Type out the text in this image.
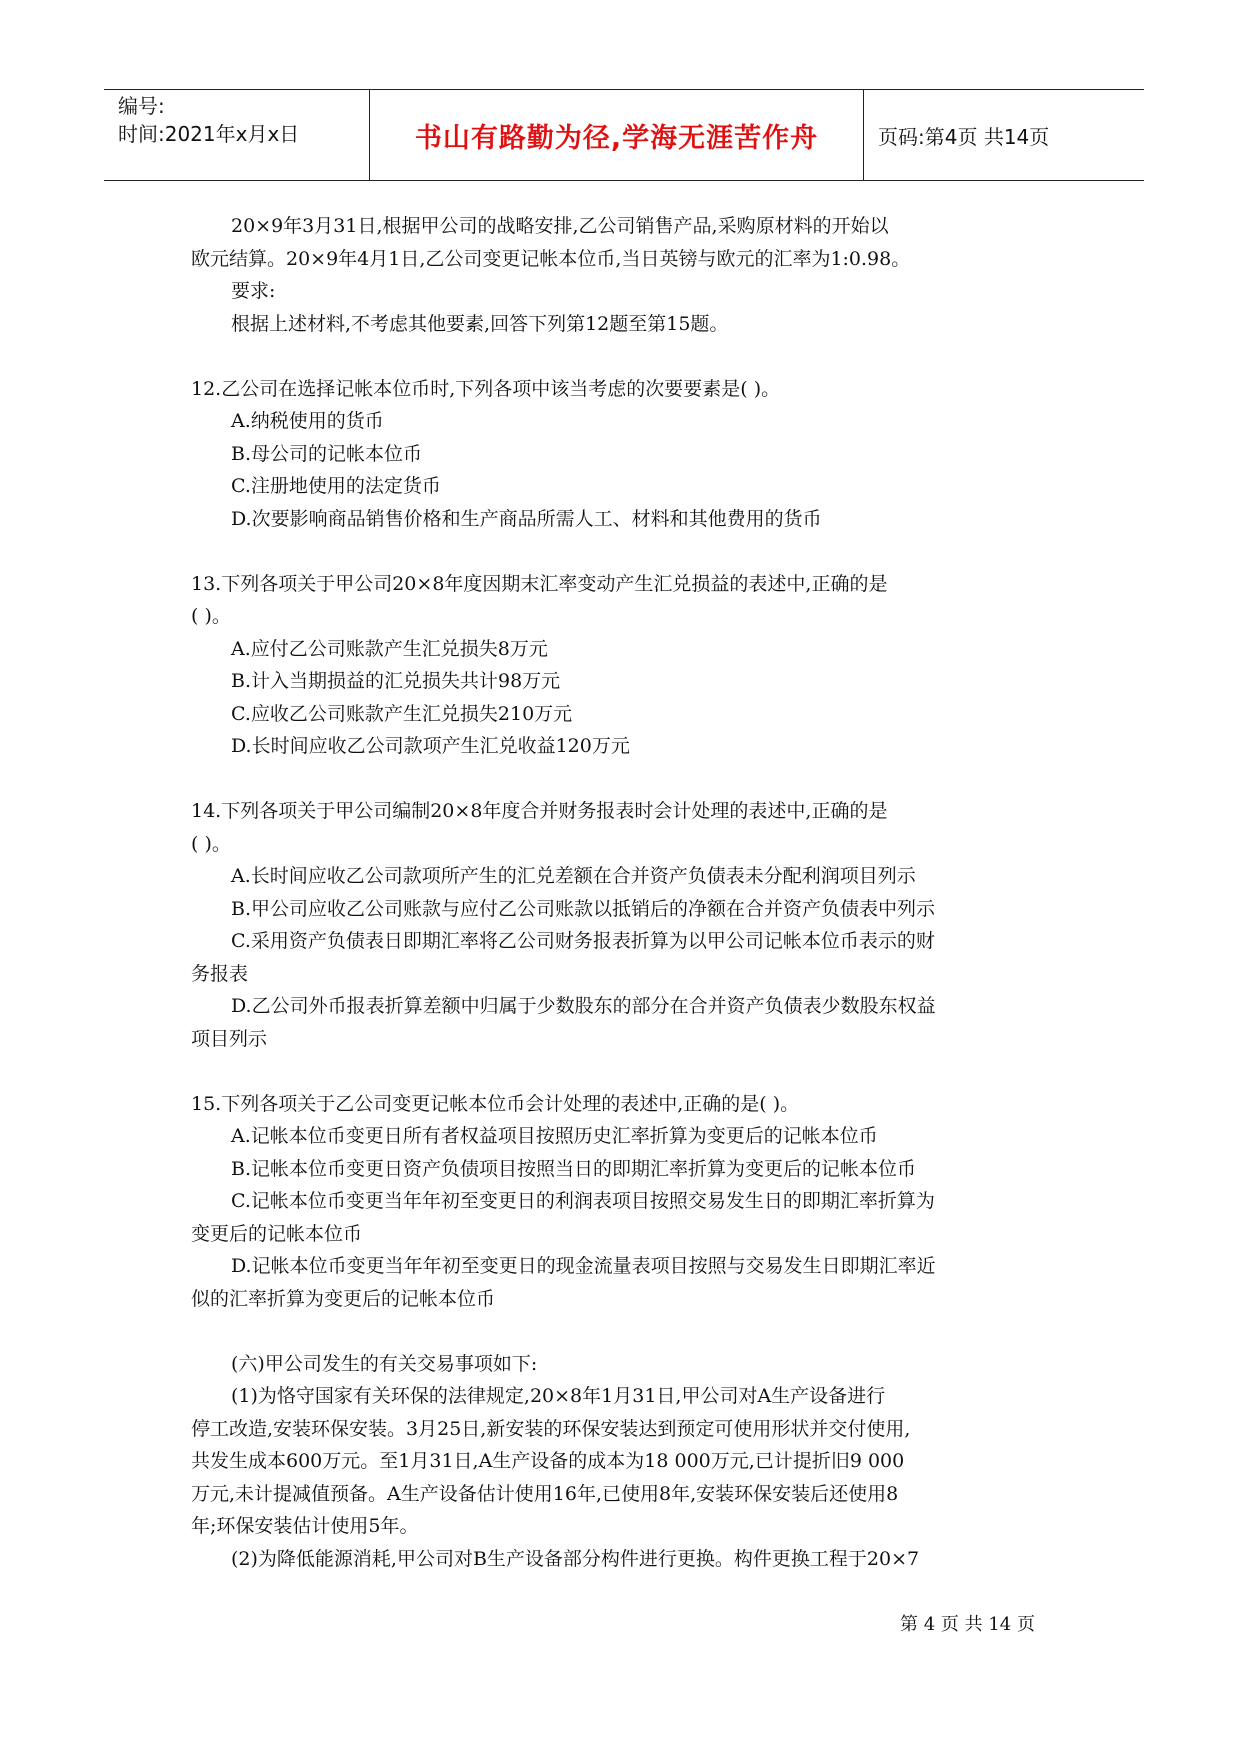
编号:
时间:2021年x月x日	书山有路勤为径,学海无涯苦作舟	页码:第4页 共14页
20×9年3月31日,根据甲公司的战略安排,乙公司销售产品,采购原材料的开始以
欧元结算。20×9年4月1日,乙公司变更记帐本位币,当日英镑与欧元的汇率为1:0.98。
要求:
根据上述材料,不考虑其他要素,回答下列第12题至第15题。
12.乙公司在选择记帐本位币时,下列各项中该当考虑的次要要素是( )。
A.纳税使用的货币
B.母公司的记帐本位币
C.注册地使用的法定货币
D.次要影响商品销售价格和生产商品所需人工、材料和其他费用的货币
13.下列各项关于甲公司20×8年度因期末汇率变动产生汇兑损益的表述中,正确的是
( )。
A.应付乙公司账款产生汇兑损失8万元
B.计入当期损益的汇兑损失共计98万元
C.应收乙公司账款产生汇兑损失210万元
D.长时间应收乙公司款项产生汇兑收益120万元
14.下列各项关于甲公司编制20×8年度合并财务报表时会计处理的表述中,正确的是
( )。
A.长时间应收乙公司款项所产生的汇兑差额在合并资产负债表未分配利润项目列示
B.甲公司应收乙公司账款与应付乙公司账款以抵销后的净额在合并资产负债表中列示
C.采用资产负债表日即期汇率将乙公司财务报表折算为以甲公司记帐本位币表示的财
务报表
D.乙公司外币报表折算差额中归属于少数股东的部分在合并资产负债表少数股东权益
项目列示
15.下列各项关于乙公司变更记帐本位币会计处理的表述中,正确的是( )。
A.记帐本位币变更日所有者权益项目按照历史汇率折算为变更后的记帐本位币
B.记帐本位币变更日资产负债项目按照当日的即期汇率折算为变更后的记帐本位币
C.记帐本位币变更当年年初至变更日的利润表项目按照交易发生日的即期汇率折算为
变更后的记帐本位币
D.记帐本位币变更当年年初至变更日的现金流量表项目按照与交易发生日即期汇率近
似的汇率折算为变更后的记帐本位币
(六)甲公司发生的有关交易事项如下:
(1)为恪守国家有关环保的法律规定,20×8年1月31日,甲公司对A生产设备进行
停工改造,安装环保安装。3月25日,新安装的环保安装达到预定可使用形状并交付使用,
共发生成本600万元。至1月31日,A生产设备的成本为18 000万元,已计提折旧9 000
万元,未计提减值预备。A生产设备估计使用16年,已使用8年,安装环保安装后还使用8
年;环保安装估计使用5年。
(2)为降低能源消耗,甲公司对B生产设备部分构件进行更换。构件更换工程于20×7
第 4 页 共 14 页
